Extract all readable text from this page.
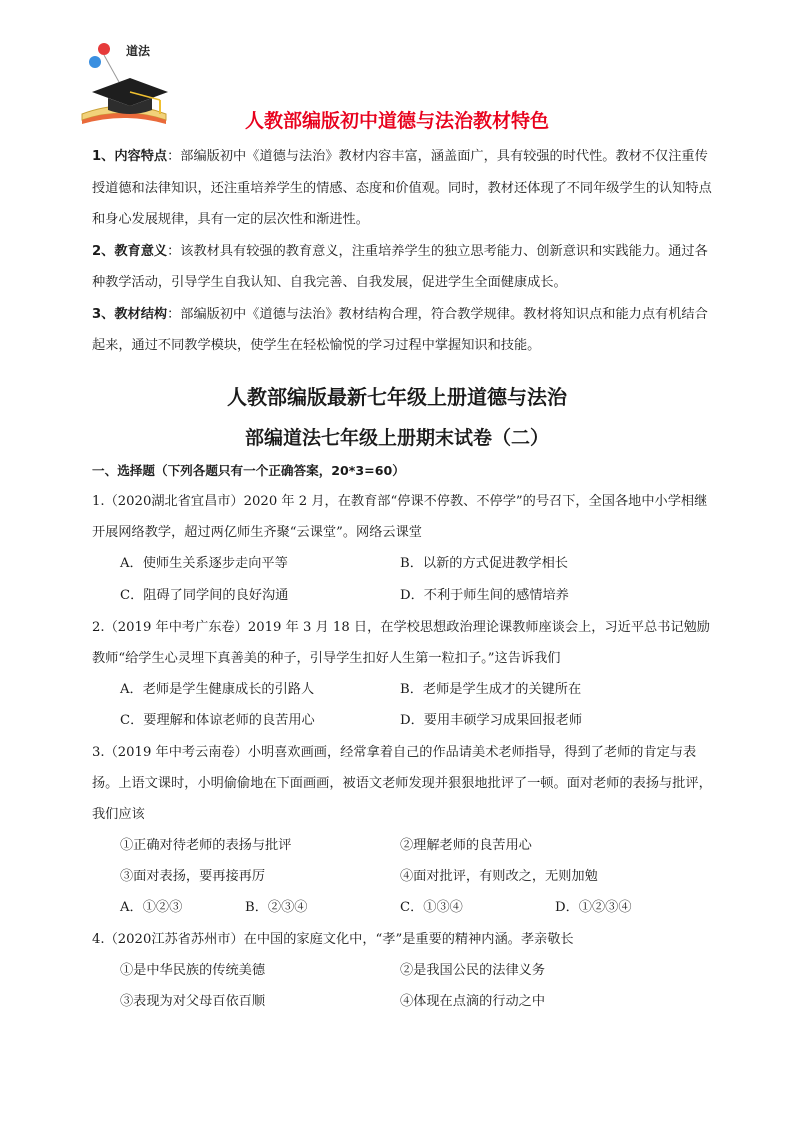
道法
人教部编版初中道德与法治教材特色

1、内容特点：部编版初中《道德与法治》教材内容丰富，涵盖面广，具有较强的时代性。教材不仅注重传授道德和法律知识，还注重培养学生的情感、态度和价值观。同时，教材还体现了不同年级学生的认知特点和身心发展规律，具有一定的层次性和渐进性。

2、教育意义：该教材具有较强的教育意义，注重培养学生的独立思考能力、创新意识和实践能力。通过各种教学活动，引导学生自我认知、自我完善、自我发展，促进学生全面健康成长。

3、教材结构：部编版初中《道德与法治》教材结构合理，符合教学规律。教材将知识点和能力点有机结合起来，通过不同教学模块，使学生在轻松愉悦的学习过程中掌握知识和技能。

人教部编版最新七年级上册道德与法治
部编道法七年级上册期末试卷（二）
一、选择题（下列各题只有一个正确答案，20*3=60）

1.（2020湖北省宜昌市）2020 年 2 月，在教育部“停课不停教、不停学”的号召下，全国各地中小学相继开展网络教学，超过两亿师生齐聚“云课堂”。网络云课堂

A．使师生关系逐步走向平等	B．以新的方式促进教学相长
C．阻碍了同学间的良好沟通	D．不利于师生间的感情培养

2.（2019 年中考广东卷）2019 年 3 月 18 日，在学校思想政治理论课教师座谈会上，习近平总书记勉励教师“给学生心灵埋下真善美的种子，引导学生扣好人生第一粒扣子。”这告诉我们

A．老师是学生健康成长的引路人	B．老师是学生成才的关键所在
C．要理解和体谅老师的良苦用心	D．要用丰硕学习成果回报老师

3.（2019 年中考云南卷）小明喜欢画画，经常拿着自己的作品请美术老师指导，得到了老师的肯定与表扬。上语文课时，小明偷偷地在下面画画，被语文老师发现并狠狠地批评了一顿。面对老师的表扬与批评，我们应该

①正确对待老师的表扬与批评	②理解老师的良苦用心
③面对表扬，要再接再厉	④面对批评，有则改之，无则加勉
A．①②③	B．②③④	C．①③④	D．①②③④

4.（2020江苏省苏州市）在中国的家庭文化中，“孝”是重要的精神内涵。孝亲敬长

①是中华民族的传统美德	②是我国公民的法律义务
③表现为对父母百依百顺	④体现在点滴的行动之中
